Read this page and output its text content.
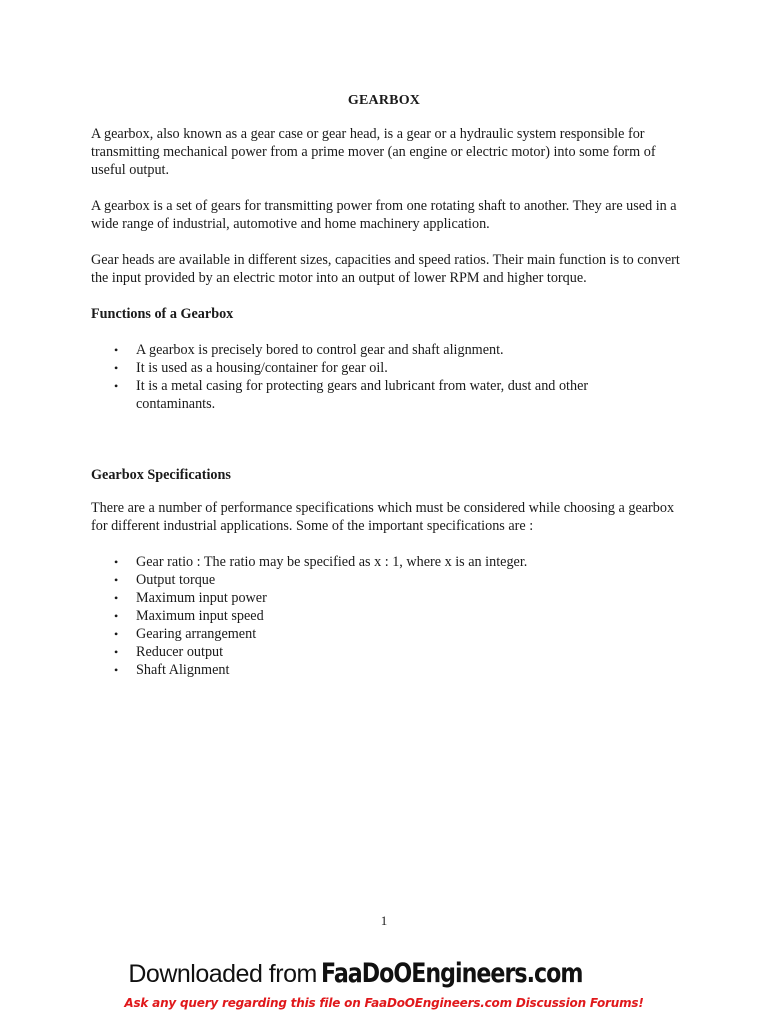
GEARBOX

A gearbox, also known as a gear case or gear head, is a gear or a hydraulic system responsible for transmitting mechanical power from a prime mover (an engine or electric motor) into some form of useful output.

A gearbox is a set of gears for transmitting power from one rotating shaft to another. They are used in a wide range of industrial, automotive and home machinery application.

Gear heads are available in different sizes, capacities and speed ratios. Their main function is to convert the input provided by an electric motor into an output of lower RPM and higher torque.

Functions of a Gearbox
• A gearbox is precisely bored to control gear and shaft alignment.
• It is used as a housing/container for gear oil.
• It is a metal casing for protecting gears and lubricant from water, dust and other contaminants.
Gearbox Specifications

There are a number of performance specifications which must be considered while choosing a gearbox for different industrial applications. Some of the important specifications are :

• Gear ratio : The ratio may be specified as x : 1, where x is an integer.
• Output torque
• Maximum input power
• Maximum input speed
• Gearing arrangement
• Reducer output
• Shaft Alignment
1
Downloaded from FaaDoOEngineers.com
Ask any query regarding this file on FaaDoOEngineers.com Discussion Forums!
